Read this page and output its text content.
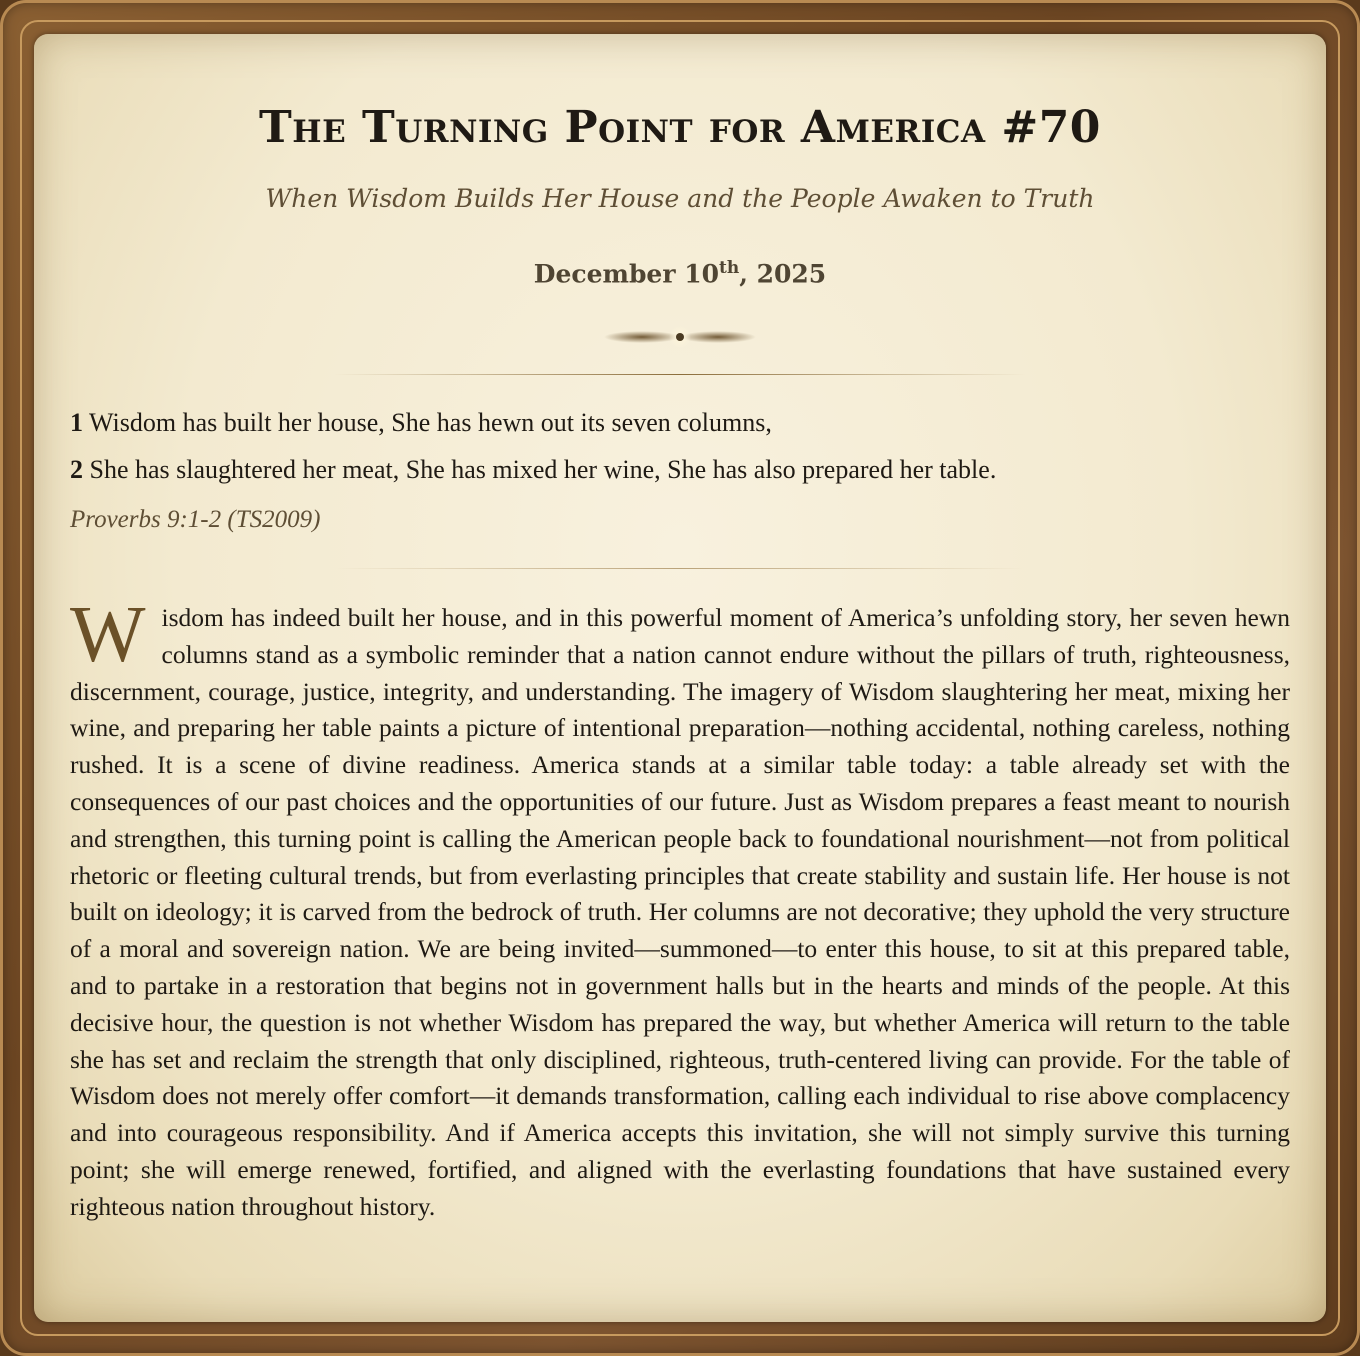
The Turning Point for America #70

When Wisdom Builds Her House and the People Awaken to Truth

December 10th, 2025

1 Wisdom has built her house, She has hewn out its seven columns,

2 She has slaughtered her meat, She has mixed her wine, She has also prepared her table.

Proverbs 9:1-2 (TS2009)

Wisdom has indeed built her house, and in this powerful moment of America’s unfolding story, her seven hewn columns stand as a symbolic reminder that a nation cannot endure without the pillars of truth, righteousness, discernment, courage, justice, integrity, and understanding. The imagery of Wisdom slaughtering her meat, mixing her wine, and preparing her table paints a picture of intentional preparation—nothing accidental, nothing careless, nothing rushed. It is a scene of divine readiness. America stands at a similar table today: a table already set with the consequences of our past choices and the opportunities of our future. Just as Wisdom prepares a feast meant to nourish and strengthen, this turning point is calling the American people back to foundational nourishment—not from political rhetoric or fleeting cultural trends, but from everlasting principles that create stability and sustain life. Her house is not built on ideology; it is carved from the bedrock of truth. Her columns are not decorative; they uphold the very structure of a moral and sovereign nation. We are being invited—summoned—to enter this house, to sit at this prepared table, and to partake in a restoration that begins not in government halls but in the hearts and minds of the people. At this decisive hour, the question is not whether Wisdom has prepared the way, but whether America will return to the table she has set and reclaim the strength that only disciplined, righteous, truth-centered living can provide. For the table of Wisdom does not merely offer comfort—it demands transformation, calling each individual to rise above complacency and into courageous responsibility. And if America accepts this invitation, she will not simply survive this turning point; she will emerge renewed, fortified, and aligned with the everlasting foundations that have sustained every righteous nation throughout history.
